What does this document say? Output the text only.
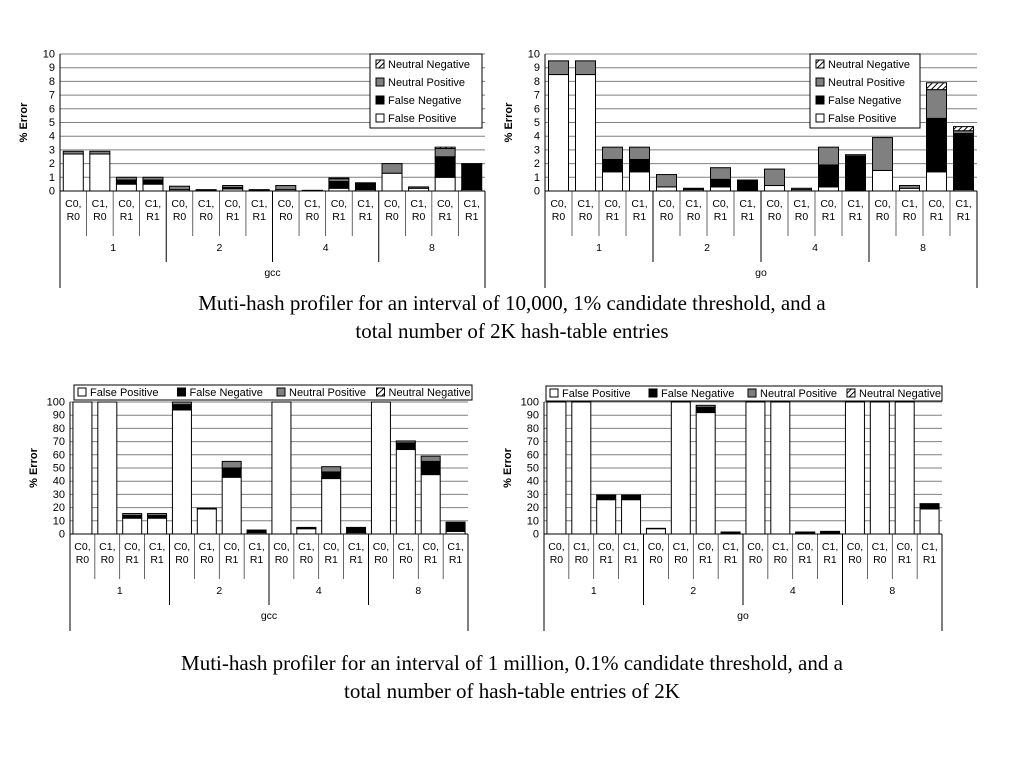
0
1
2
3
4
5
6
7
8
9
10
% Error
C0,
R0
C1,
R0
C0,
R1
C1,
R1
1
C0,
R0
C1,
R0
C0,
R1
C1,
R1
2
C0,
R0
C1,
R0
C0,
R1
C1,
R1
4
C0,
R0
C1,
R0
C0,
R1
C1,
R1
8
gcc
Neutral Negative
Neutral Positive
False Negative
False Positive
0
1
2
3
4
5
6
7
8
9
10
% Error
C0,
R0
C1,
R0
C0,
R1
C1,
R1
1
C0,
R0
C1,
R0
C0,
R1
C1,
R1
2
C0,
R0
C1,
R0
C0,
R1
C1,
R1
4
C0,
R0
C1,
R0
C0,
R1
C1,
R1
8
go
Neutral Negative
Neutral Positive
False Negative
False Positive
Muti-hash profiler for an interval of 10,000, 1% candidate threshold, and a
total number of 2K hash-table entries
0
10
20
30
40
50
60
70
80
90
100
% Error
C0,
R0
C1,
R0
C0,
R1
C1,
R1
1
C0,
R0
C1,
R0
C0,
R1
C1,
R1
2
C0,
R0
C1,
R0
C0,
R1
C1,
R1
4
C0,
R0
C1,
R0
C0,
R1
C1,
R1
8
gcc
False Positive	False Negative Neutral Positive Neutral Negative
0
10
20
30
40
50
60
70
80
90
100
% Error
C0,
R0
C1,
R0
C0,
R1
C1,
R1
1
C0,
R0
C1,
R0
C0,
R1
C1,
R1
2
C0,
R0
C1,
R0
C0,
R1
C1,
R1
4
C0,
R0
C1,
R0
C0,
R1
C1,
R1
8
go
False Positive	False Negative Neutral Positive Neutral Negative
Muti-hash profiler for an interval of 1 million, 0.1% candidate threshold, and a
total number of hash-table entries of 2K
